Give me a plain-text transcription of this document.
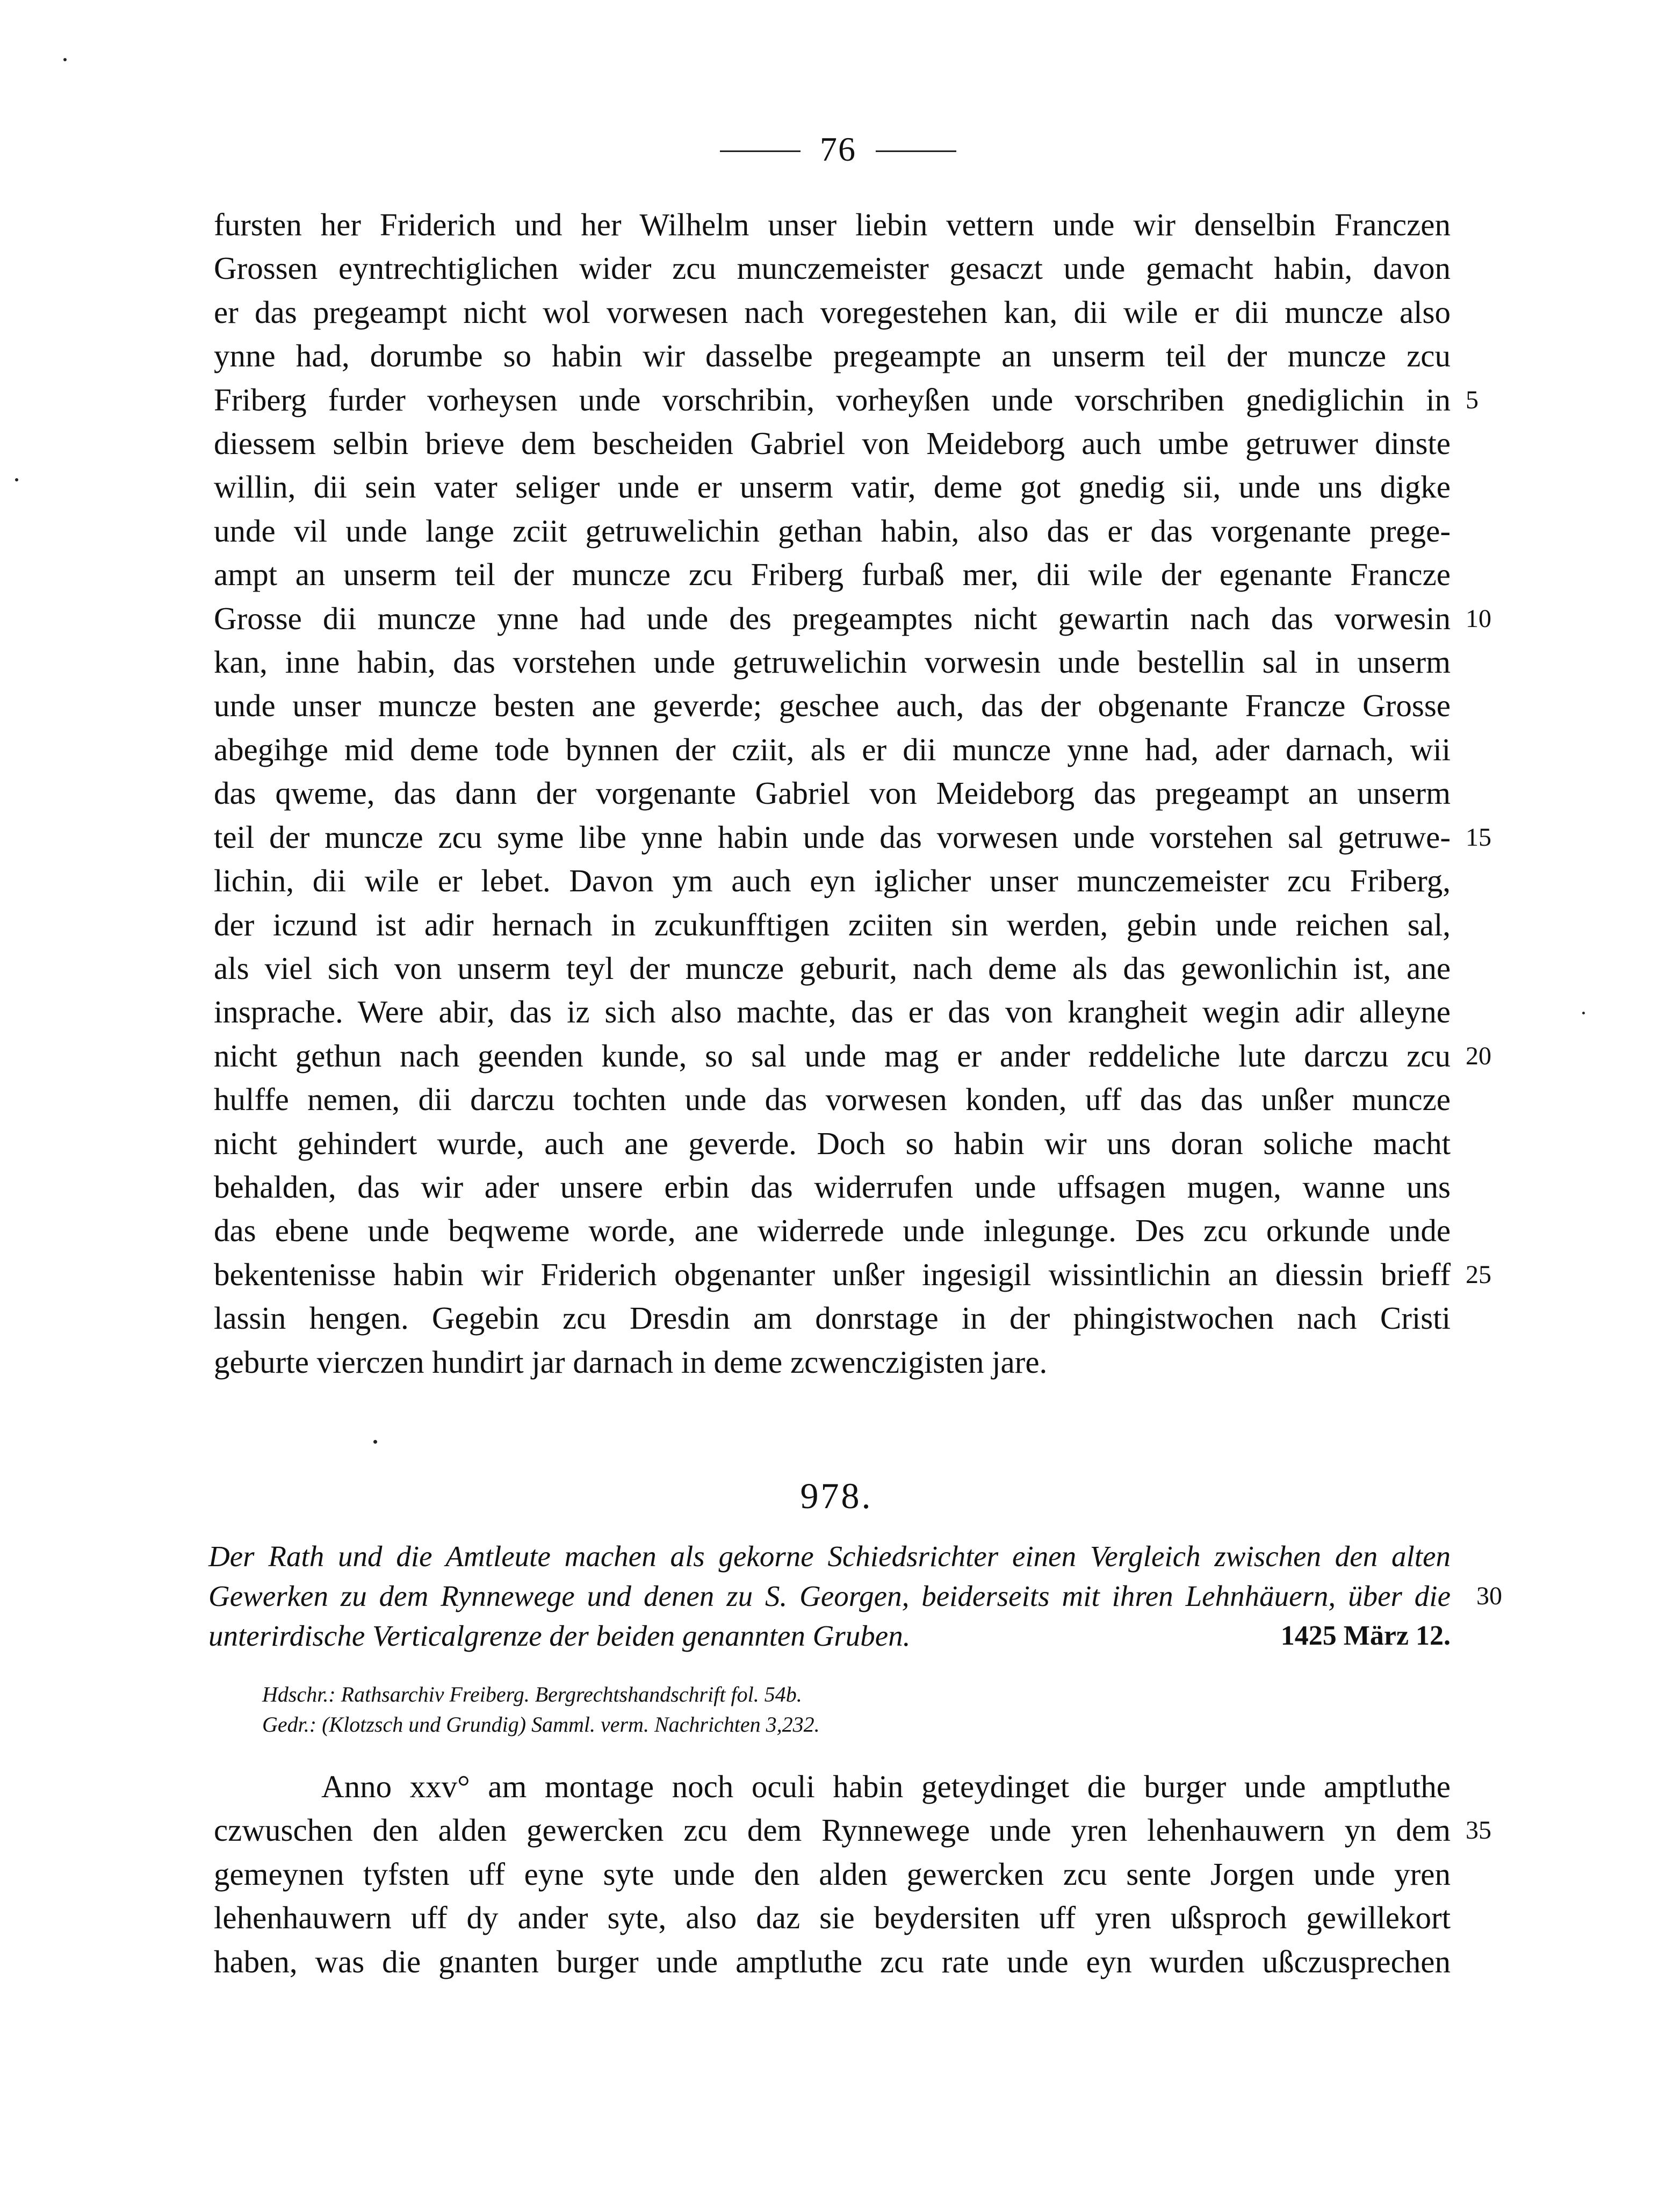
76
fursten her Friderich und her Wilhelm unser liebin vettern unde wir denselbin Franczen
Grossen eyntrechtiglichen wider zcu munczemeister gesaczt unde gemacht habin, davon
er das pregeampt nicht wol vorwesen nach voregestehen kan, dii wile er dii muncze also
ynne had, dorumbe so habin wir dasselbe pregeampte an unserm teil der muncze zcu
Friberg furder vorheysen unde vorschribin, vorheyßen unde vorschriben gnediglichin in 5
diessem selbin brieve dem bescheiden Gabriel von Meideborg auch umbe getruwer dinste
willin, dii sein vater seliger unde er unserm vatir, deme got gnedig sii, unde uns digke
unde vil unde lange zciit getruwelichin gethan habin, also das er das vorgenante prege-
ampt an unserm teil der muncze zcu Friberg furbaß mer, dii wile der egenante Francze
Grosse dii muncze ynne had unde des pregeamptes nicht gewartin nach das vorwesin 10
kan, inne habin, das vorstehen unde getruwelichin vorwesin unde bestellin sal in unserm
unde unser muncze besten ane geverde; geschee auch, das der obgenante Francze Grosse
abegihge mid deme tode bynnen der cziit, als er dii muncze ynne had, ader darnach, wii
das qweme, das dann der vorgenante Gabriel von Meideborg das pregeampt an unserm
teil der muncze zcu syme libe ynne habin unde das vorwesen unde vorstehen sal getruwe- 15
lichin, dii wile er lebet. Davon ym auch eyn iglicher unser munczemeister zcu Friberg,
der iczund ist adir hernach in zcukunfftigen zciiten sin werden, gebin unde reichen sal,
als viel sich von unserm teyl der muncze geburit, nach deme als das gewonlichin ist, ane
insprache. Were abir, das iz sich also machte, das er das von krangheit wegin adir alleyne
nicht gethun nach geenden kunde, so sal unde mag er ander reddeliche lute darczu zcu 20
hulffe nemen, dii darczu tochten unde das vorwesen konden, uff das das unßer muncze
nicht gehindert wurde, auch ane geverde. Doch so habin wir uns doran soliche macht
behalden, das wir ader unsere erbin das widerrufen unde uffsagen mugen, wanne uns
das ebene unde beqweme worde, ane widerrede unde inlegunge. Des zcu orkunde unde
bekentenisse habin wir Friderich obgenanter unßer ingesigil wissintlichin an diessin brieff 25
lassin hengen. Gegebin zcu Dresdin am donrstage in der phingistwochen nach Cristi
geburte vierczen hundirt jar darnach in deme zcwenczigisten jare.
978.
Der Rath und die Amtleute machen als gekorne Schiedsrichter einen Vergleich zwischen den alten
Gewerken zu dem Rynnewege und denen zu S. Georgen, beiderseits mit ihren Lehnhäuern, über die 30
unterirdische Verticalgrenze der beiden genannten Gruben.	1425 März 12.
Hdschr.: Rathsarchiv Freiberg. Bergrechtshandschrift fol. 54b.
Gedr.: (Klotzsch und Grundig) Samml. verm. Nachrichten 3,232.
Anno xxv° am montage noch oculi habin geteydinget die burger unde amptluthe
czwuschen den alden gewercken zcu dem Rynnewege unde yren lehenhauwern yn dem 35
gemeynen tyfsten uff eyne syte unde den alden gewercken zcu sente Jorgen unde yren
lehenhauwern uff dy ander syte, also daz sie beydersiten uff yren ußsproch gewillekort
haben, was die gnanten burger unde amptluthe zcu rate unde eyn wurden ußczusprechen
